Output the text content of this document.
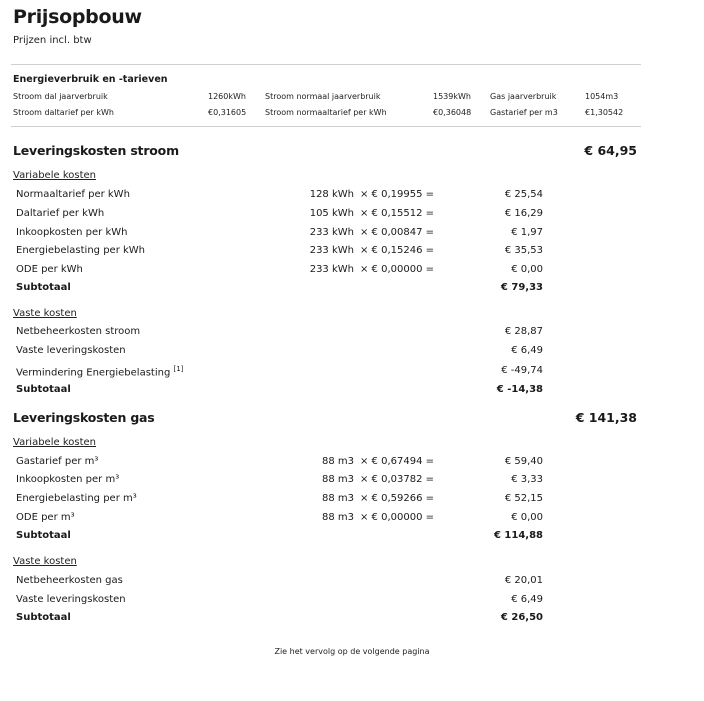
Prijsopbouw
Prijzen incl. btw
Energieverbruik en -tarieven
Stroom dal jaarverbruik	1260kWh Stroom normaal jaarverbruik	1539kWh Gas jaarverbruik	1054m3
Stroom daltarief per kWh	€0,31605 Stroom normaaltarief per kWh	€0,36048 Gastarief per m3	€1,30542
Leveringskosten stroom	€ 64,95
Variabele kosten
Normaaltarief per kWh	128 kWh × € 0,19955 =	€ 25,54
Daltarief per kWh	105 kWh × € 0,15512 =	€ 16,29
Inkoopkosten per kWh	233 kWh × € 0,00847 =	€ 1,97
Energiebelasting per kWh	233 kWh × € 0,15246 =	€ 35,53
ODE per kWh	233 kWh × € 0,00000 =	€ 0,00
Subtotaal	€ 79,33
Vaste kosten
Netbeheerkosten stroom	€ 28,87
Vaste leveringskosten	€ 6,49
Vermindering Energiebelasting [1]	€ -49,74
Subtotaal	€ -14,38
Leveringskosten gas	€ 141,38
Variabele kosten
Gastarief per m³	88 m3 × € 0,67494 =	€ 59,40
Inkoopkosten per m³	88 m3 × € 0,03782 =	€ 3,33
Energiebelasting per m³	88 m3 × € 0,59266 =	€ 52,15
ODE per m³	88 m3 × € 0,00000 =	€ 0,00
Subtotaal	€ 114,88
Vaste kosten
Netbeheerkosten gas	€ 20,01
Vaste leveringskosten	€ 6,49
Subtotaal	€ 26,50
Zie het vervolg op de volgende pagina
